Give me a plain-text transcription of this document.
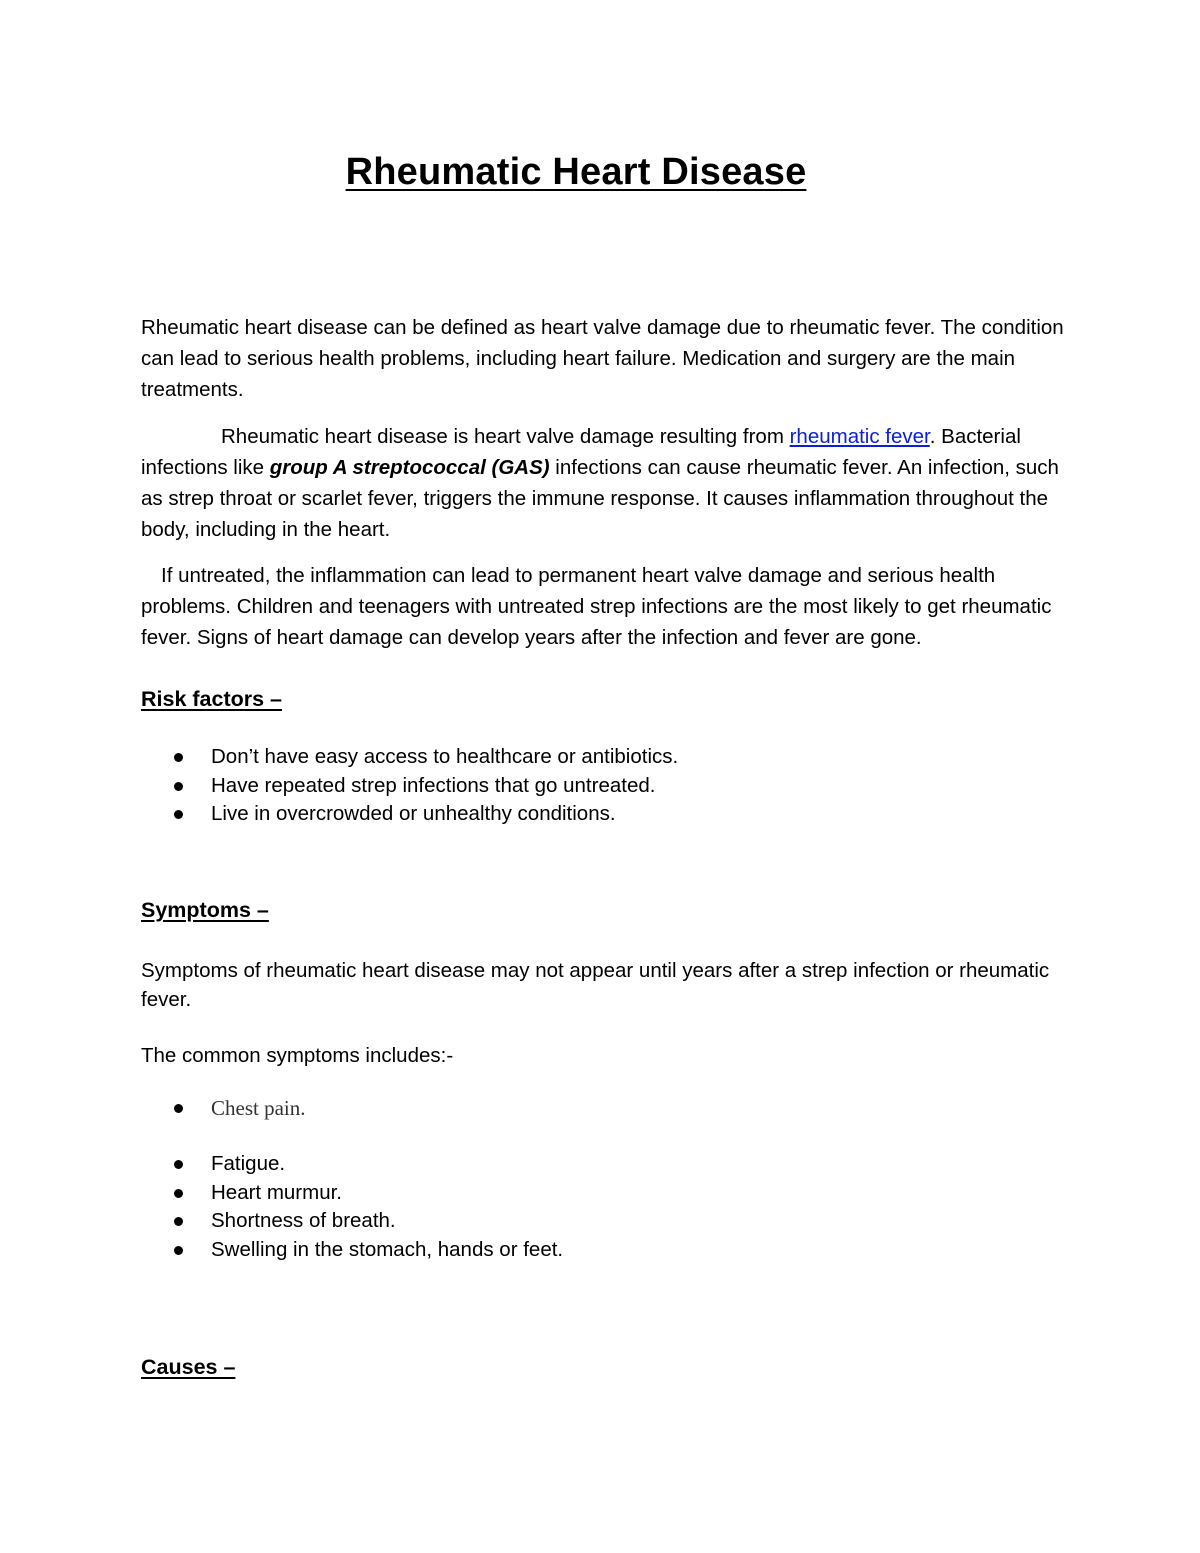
Rheumatic Heart Disease

Rheumatic heart disease can be defined as heart valve damage due to rheumatic fever. The condition can lead to serious health problems, including heart failure. Medication and surgery are the main treatments.

Rheumatic heart disease is heart valve damage resulting from rheumatic fever. Bacterial infections like group A streptococcal (GAS) infections can cause rheumatic fever. An infection, such as strep throat or scarlet fever, triggers the immune response. It causes inflammation throughout the body, including in the heart.

If untreated, the inflammation can lead to permanent heart valve damage and serious health problems. Children and teenagers with untreated strep infections are the most likely to get rheumatic fever. Signs of heart damage can develop years after the infection and fever are gone.

Risk factors –
Don’t have easy access to healthcare or antibiotics.
Have repeated strep infections that go untreated.
Live in overcrowded or unhealthy conditions.
Symptoms –

Symptoms of rheumatic heart disease may not appear until years after a strep infection or rheumatic fever.

The common symptoms includes:-

Chest pain.
Fatigue.
Heart murmur.
Shortness of breath.
Swelling in the stomach, hands or feet.
Causes –
